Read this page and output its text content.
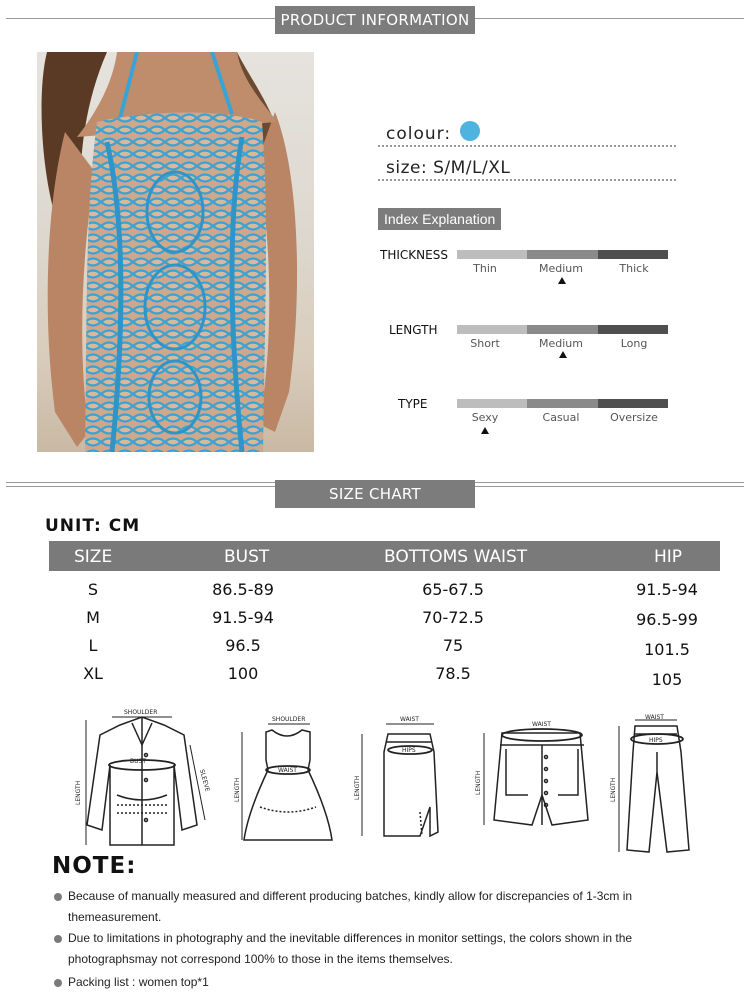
PRODUCT INFORMATION
colour:
size: S/M/L/XL
Index Explanation
THICKNESS
Thin	Medium	Thick
LENGTH
Short	Medium	Long
TYPE
Sexy	Casual	Oversize
SIZE CHART
UNIT: CM
SIZE	BUST	BOTTOMS WAIST	HIP
S	86.5-89	65-67.5	91.5-94
M	91.5-94	70-72.5	96.5-99
L	96.5	75	101.5
XL	100	78.5	105
SHOULDER
LENGTH
BUST
SLEEVE
SHOULDER
LENGTH
WAIST
WAIST
HIPS
LENGTH
WAIST
LENGTH
WAIST
HIPS
LENGTH
NOTE:

Because of manually measured and different producing batches, kindly allow for discrepancies of 1-3cm in themeasurement.

Due to limitations in photography and the inevitable differences in monitor settings, the colors shown in the photographsmay not correspond 100% to those in the items themselves.

Packing list : women top*1
